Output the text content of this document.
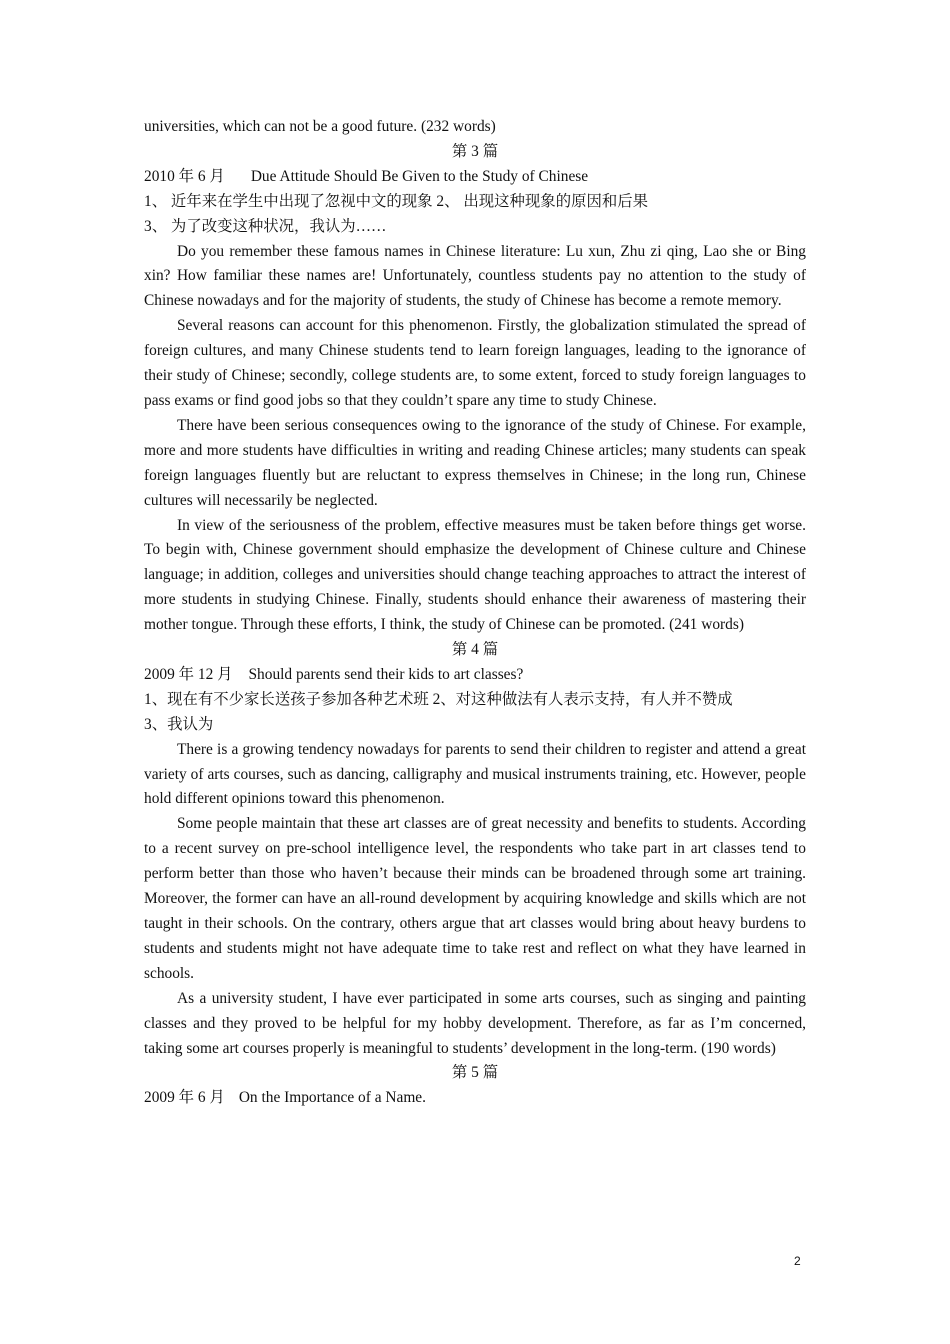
universities, which can not be a good future. (232 words)
第 3 篇
2010 年 6 月 Due Attitude Should Be Given to the Study of Chinese
1、 近年来在学生中出现了忽视中文的现象 2、 出现这种现象的原因和后果
3、 为了改变这种状况，我认为……

Do you remember these famous names in Chinese literature: Lu xun, Zhu zi qing, Lao she or Bing xin? How familiar these names are! Unfortunately, countless students pay no attention to the study of Chinese nowadays and for the majority of students, the study of Chinese has become a remote memory.

Several reasons can account for this phenomenon. Firstly, the globalization stimulated the spread of foreign cultures, and many Chinese students tend to learn foreign languages, leading to the ignorance of their study of Chinese; secondly, college students are, to some extent, forced to study foreign languages to pass exams or find good jobs so that they couldn’t spare any time to study Chinese.

There have been serious consequences owing to the ignorance of the study of Chinese. For example, more and more students have difficulties in writing and reading Chinese articles; many students can speak foreign languages fluently but are reluctant to express themselves in Chinese; in the long run, Chinese cultures will necessarily be neglected.

In view of the seriousness of the problem, effective measures must be taken before things get worse. To begin with, Chinese government should emphasize the development of Chinese culture and Chinese language; in addition, colleges and universities should change teaching approaches to attract the interest of more students in studying Chinese. Finally, students should enhance their awareness of mastering their mother tongue. Through these efforts, I think, the study of Chinese can be promoted. (241 words)

第 4 篇
2009 年 12 月 Should parents send their kids to art classes?
1、现在有不少家长送孩子参加各种艺术班 2、对这种做法有人表示支持，有人并不赞成
3、我认为

There is a growing tendency nowadays for parents to send their children to register and attend a great variety of arts courses, such as dancing, calligraphy and musical instruments training, etc. However, people hold different opinions toward this phenomenon.

Some people maintain that these art classes are of great necessity and benefits to students. According to a recent survey on pre-school intelligence level, the respondents who take part in art classes tend to perform better than those who haven’t because their minds can be broadened through some art training. Moreover, the former can have an all-round development by acquiring knowledge and skills which are not taught in their schools. On the contrary, others argue that art classes would bring about heavy burdens to students and students might not have adequate time to take rest and reflect on what they have learned in schools.

As a university student, I have ever participated in some arts courses, such as singing and painting classes and they proved to be helpful for my hobby development. Therefore, as far as I’m concerned, taking some art courses properly is meaningful to students’ development in the long-term. (190 words)

第 5 篇
2009 年 6 月 On the Importance of a Name.
2
